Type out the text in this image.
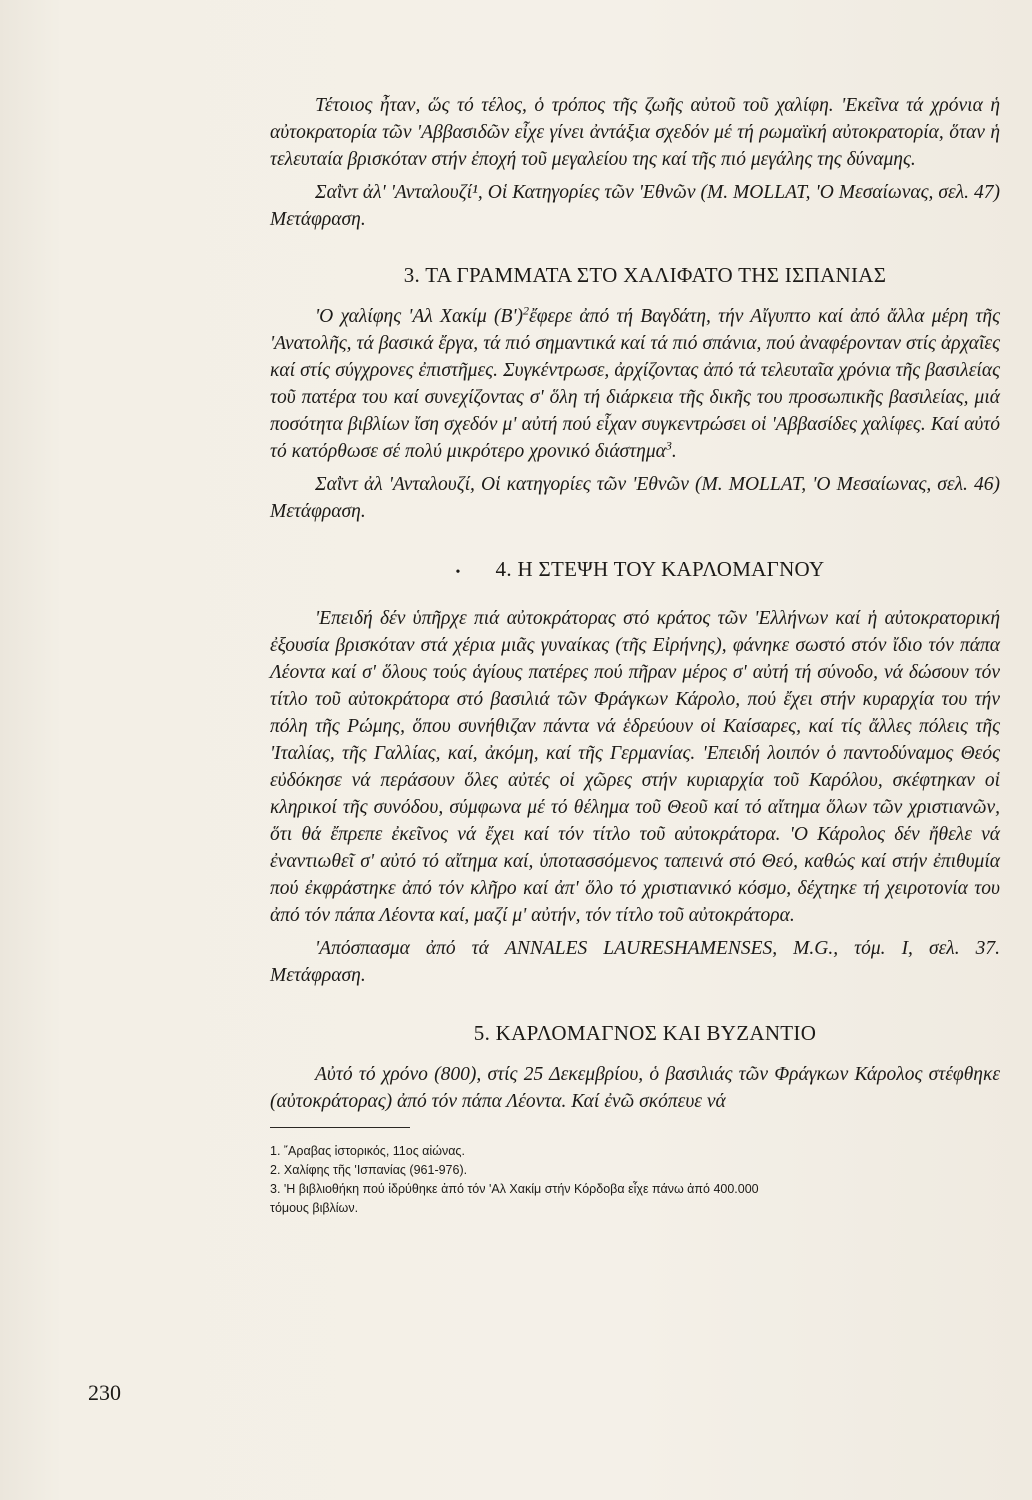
Τέτοιος ἦταν, ὥς τό τέλος, ὁ τρόπος τῆς ζωῆς αὐτοῦ τοῦ χαλίφη. 'Εκεῖνα τά χρόνια ἡ αὐτοκρατορία τῶν 'Αββασιδῶν εἶχε γίνει ἀντάξια σχεδόν μέ τή ρωμαϊκή αὐτοκρατορία, ὅταν ἡ τελευταία βρισκόταν στήν ἐποχή τοῦ μεγαλείου της καί τῆς πιό μεγάλης της δύναμης.

Σαῒντ ἀλ' 'Ανταλουζί¹, Οἱ Κατηγορίες τῶν 'Εθνῶν (M. MOLLAT, 'Ο Μεσαίωνας, σελ. 47) Μετάφραση.

3. ΤΑ ΓΡΑΜΜΑΤΑ ΣΤΟ ΧΑΛΙΦΑΤΟ ΤΗΣ ΙΣΠΑΝΙΑΣ

'Ο χαλίφης 'Αλ Χακίμ $(B')^2ἔ\varphi\varepsilon\rho\varepsilon$ ἀπό τή Βαγδάτη, τήν Αἴγυπτο καί ἀπό ἄλλα μέρη τῆς 'Ανατολῆς, τά βασικά ἔργα, τά πιό σημαντικά καί τά πιό σπάνια, πού ἀναφέρονταν στίς ἀρχαῖες καί στίς σύγχρονες ἐπιστῆμες. Συγκέντρωσε, ἀρχίζοντας ἀπό τά τελευταῖα χρόνια τῆς βασιλείας τοῦ πατέρα του καί συνεχίζοντας σ' ὅλη τή διάρκεια τῆς δικῆς του προσωπικῆς βασιλείας, μιά ποσότητα βιβλίων ἴση σχεδόν μ' αὐτή πού εἶχαν συγκεντρώσει οἱ 'Αββασίδες χαλίφες. Καί αὐτό τό κατόρθωσε σέ πολύ μικρότερο χρονικό διάστημα$^3$.

Σαῒντ ἀλ 'Ανταλουζί, Οἱ κατηγορίες τῶν 'Εθνῶν (M. MOLLAT, 'Ο Μεσαίωνας, σελ. 46) Μετάφραση.

• 4. Η ΣΤΕΨΗ ΤΟΥ ΚΑΡΛΟΜΑΓΝΟΥ

'Επειδή δέν ὑπῆρχε πιά αὐτοκράτορας στό κράτος τῶν 'Ελλήνων καί ἡ αὐτοκρατορική ἐξουσία βρισκόταν στά χέρια μιᾶς γυναίκας (τῆς Εἰρήνης), φάνηκε σωστό στόν ἴδιο τόν πάπα Λέοντα καί σ' ὅλους τούς ἁγίους πατέρες πού πῆραν μέρος σ' αὐτή τή σύνοδο, νά δώσουν τόν τίτλο τοῦ αὐτοκράτορα στό βασιλιά τῶν Φράγκων Κάρολο, πού ἔχει στήν κυραρχία του τήν πόλη τῆς Ρώμης, ὅπου συνήθιζαν πάντα νά ἑδρεύουν οἱ Καίσαρες, καί τίς ἄλλες πόλεις τῆς 'Ιταλίας, τῆς Γαλλίας, καί, ἀκόμη, καί τῆς Γερμανίας. 'Επειδή λοιπόν ὁ παντοδύναμος Θεός εὐδόκησε νά περάσουν ὅλες αὐτές οἱ χῶρες στήν κυριαρχία τοῦ Καρόλου, σκέφτηκαν οἱ κληρικοί τῆς συνόδου, σύμφωνα μέ τό θέλημα τοῦ Θεοῦ καί τό αἴτημα ὅλων τῶν χριστιανῶν, ὅτι θά ἔπρεπε ἐκεῖνος νά ἔχει καί τόν τίτλο τοῦ αὐτοκράτορα. 'Ο Κάρολος δέν ἤθελε νά ἐναντιωθεῖ σ' αὐτό τό αἴτημα καί, ὑποτασσόμενος ταπεινά στό Θεό, καθώς καί στήν ἐπιθυμία πού ἐκφράστηκε ἀπό τόν κλῆρο καί ἀπ' ὅλο τό χριστιανικό κόσμο, δέχτηκε τή χειροτονία του ἀπό τόν πάπα Λέοντα καί, μαζί μ' αὐτήν, τόν τίτλο τοῦ αὐτοκράτορα.

'Απόσπασμα ἀπό τά ANNALES LAURESHAMENSES, M.G., τόμ. Ι, σελ. 37. Μετάφραση.

5. ΚΑΡΛΟΜΑΓΝΟΣ ΚΑΙ ΒΥΖΑΝΤΙΟ

Αὐτό τό χρόνο (800), στίς 25 Δεκεμβρίου, ὁ βασιλιάς τῶν Φράγκων Κάρολος στέφθηκε (αὐτοκράτορας) ἀπό τόν πάπα Λέοντα. Καί ἐνῶ σκόπευε νά

1. ῎Αραβας ἱστορικός, 11ος αἰώνας.
2. Χαλίφης τῆς 'Ισπανίας (961-976).
3. 'Η βιβλιοθήκη πού ἱδρύθηκε ἀπό τόν 'Αλ Χακίμ στήν Κόρδοβα εἶχε πάνω ἀπό 400.000
τόμους βιβλίων.
230
